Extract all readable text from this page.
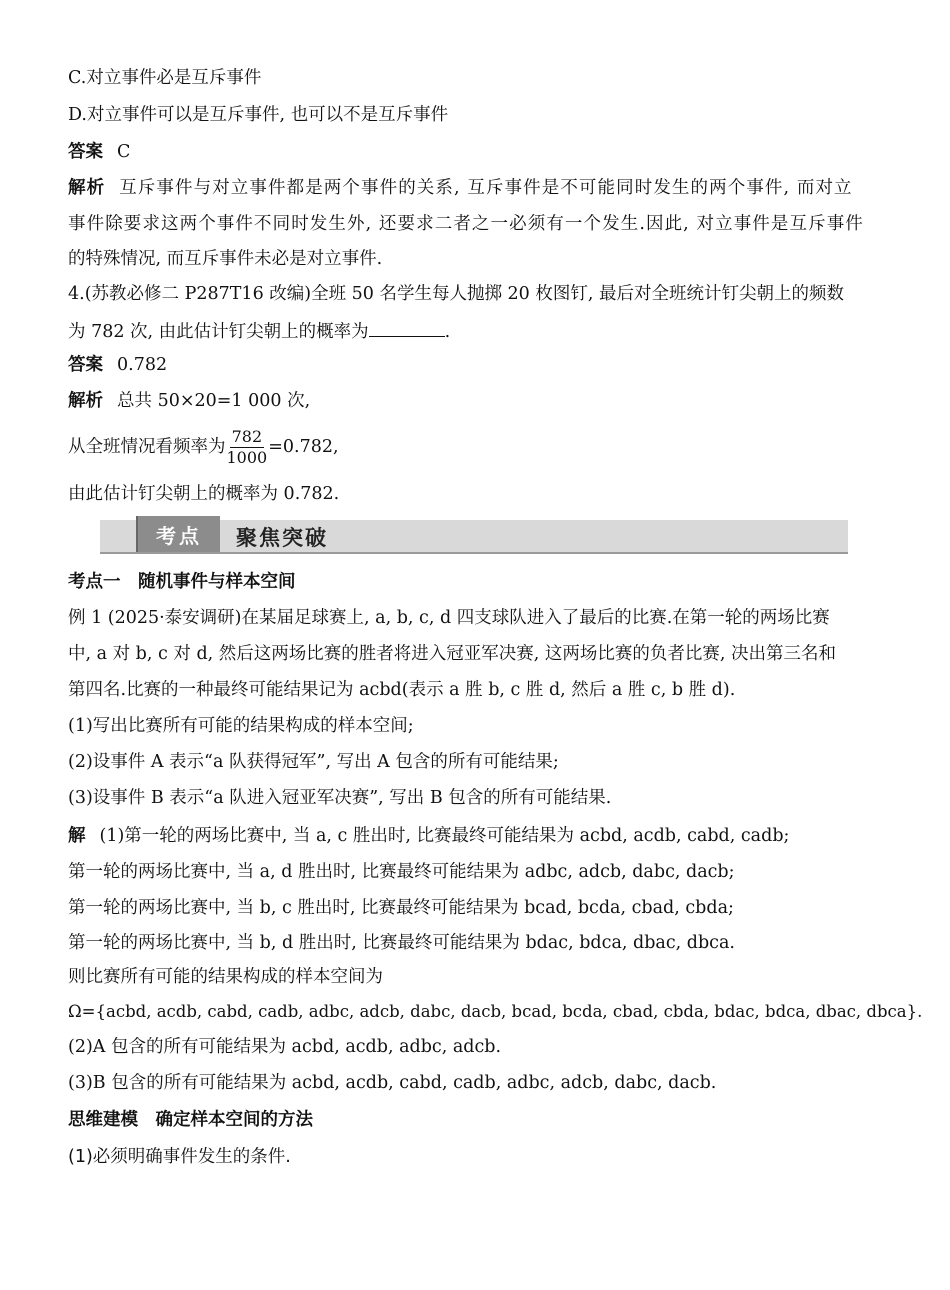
C.对立事件必是互斥事件
D.对立事件可以是互斥事件, 也可以不是互斥事件
答案 C
解析 互斥事件与对立事件都是两个事件的关系, 互斥事件是不可能同时发生的两个事件, 而对立
事件除要求这两个事件不同时发生外, 还要求二者之一必须有一个发生.因此, 对立事件是互斥事件
的特殊情况, 而互斥事件未必是对立事件.
4.(苏教必修二 P287T16 改编)全班 50 名学生每人抛掷 20 枚图钉, 最后对全班统计钉尖朝上的频数
为 782 次, 由此估计钉尖朝上的概率为	.
答案 0.782
解析 总共 50×20=1 000 次,
从全班情况看频率为 $\frac{782}{1000} =0.782$,
由此估计钉尖朝上的概率为 0.782.
考点	聚焦突破
考点一　随机事件与样本空间
例 1 (2025·泰安调研)在某届足球赛上, a, b, c, d 四支球队进入了最后的比赛.在第一轮的两场比赛
中, a 对 b, c 对 d, 然后这两场比赛的胜者将进入冠亚军决赛, 这两场比赛的负者比赛, 决出第三名和
第四名.比赛的一种最终可能结果记为 acbd(表示 a 胜 b, c 胜 d, 然后 a 胜 c, b 胜 d).
(1)写出比赛所有可能的结果构成的样本空间;
(2)设事件 A 表示“a 队获得冠军”, 写出 A 包含的所有可能结果;
(3)设事件 B 表示“a 队进入冠亚军决赛”, 写出 B 包含的所有可能结果.
解 (1)第一轮的两场比赛中, 当 a, c 胜出时, 比赛最终可能结果为 acbd, acdb, cabd, cadb;
第一轮的两场比赛中, 当 a, d 胜出时, 比赛最终可能结果为 adbc, adcb, dabc, dacb;
第一轮的两场比赛中, 当 b, c 胜出时, 比赛最终可能结果为 bcad, bcda, cbad, cbda;
第一轮的两场比赛中, 当 b, d 胜出时, 比赛最终可能结果为 bdac, bdca, dbac, dbca.
则比赛所有可能的结果构成的样本空间为
Ω={acbd, acdb, cabd, cadb, adbc, adcb, dabc, dacb, bcad, bcda, cbad, cbda, bdac, bdca, dbac, dbca}.
(2)A 包含的所有可能结果为 acbd, acdb, adbc, adcb.
(3)B 包含的所有可能结果为 acbd, acdb, cabd, cadb, adbc, adcb, dabc, dacb.
思维建模　确定样本空间的方法
(1)必须明确事件发生的条件.
